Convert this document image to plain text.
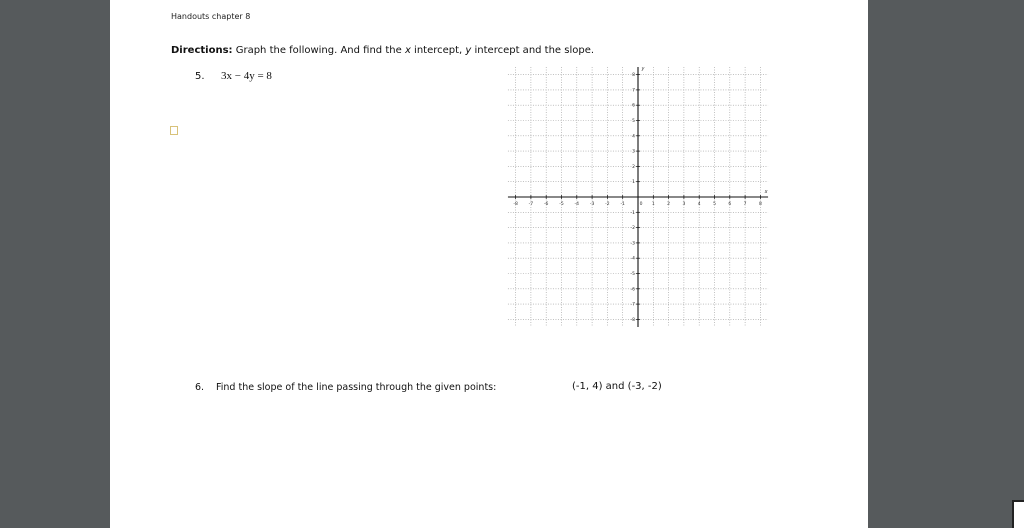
Handouts chapter 8
Directions: Graph the following. And find the x intercept, y intercept and the slope.
5. 3x − 4y = 8
-8 -7 -6 -5 -4 -3 -2 -1	0 1	2	3	4	5	6	7	8
8
7
6
5
4
3
2
1
-1
-2
-3
-4
-5
-6
-7
-8
x
y
6. Find the slope of the line passing through the given points:	(-1, 4) and (-3, -2)
